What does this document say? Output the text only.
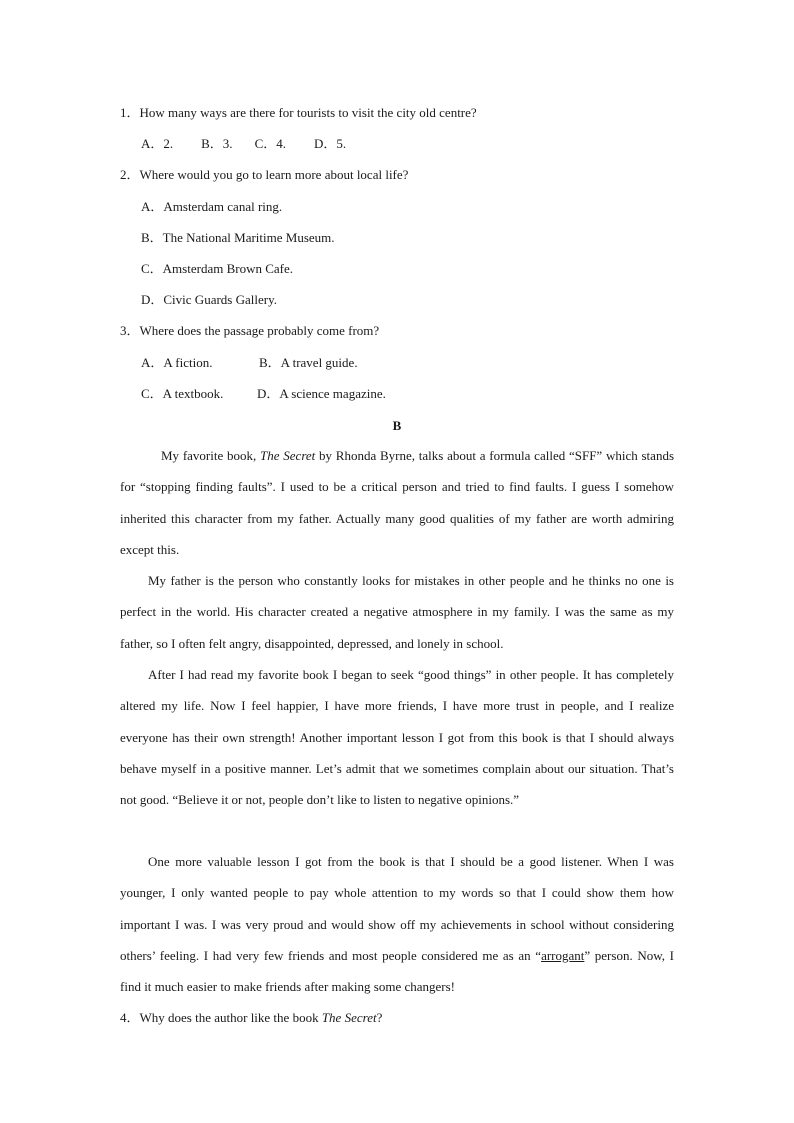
1．How many ways are there for tourists to visit the city old centre?
A．2. B．3. C．4. D．5.
2．Where would you go to learn more about local life?
A．Amsterdam canal ring.
B．The National Maritime Museum.
C．Amsterdam Brown Cafe.
D．Civic Guards Gallery.
3．Where does the passage probably come from?
A．A fiction.	B．A travel guide.
C．A textbook.	D．A science magazine.
B
My favorite book, The Secret by Rhonda Byrne, talks about a formula called “SFF” which stands for “stopping finding faults”. I used to be a critical person and tried to find faults. I guess I somehow inherited this character from my father. Actually many good qualities of my father are worth admiring except this.
My father is the person who constantly looks for mistakes in other people and he thinks no one is perfect in the world. His character created a negative atmosphere in my family. I was the same as my father, so I often felt angry, disappointed, depressed, and lonely in school.
After I had read my favorite book I began to seek “good things” in other people. It has completely altered my life. Now I feel happier, I have more friends, I have more trust in people, and I realize everyone has their own strength! Another important lesson I got from this book is that I should always behave myself in a positive manner. Let’s admit that we sometimes complain about our situation. That’s not good. “Believe it or not, people don’t like to listen to negative opinions.”
One more valuable lesson I got from the book is that I should be a good listener. When I was younger, I only wanted people to pay whole attention to my words so that I could show them how important I was. I was very proud and would show off my achievements in school without considering others’ feeling. I had very few friends and most people considered me as an “arrogant” person. Now, I find it much easier to make friends after making some changers!
4．Why does the author like the book The Secret?
